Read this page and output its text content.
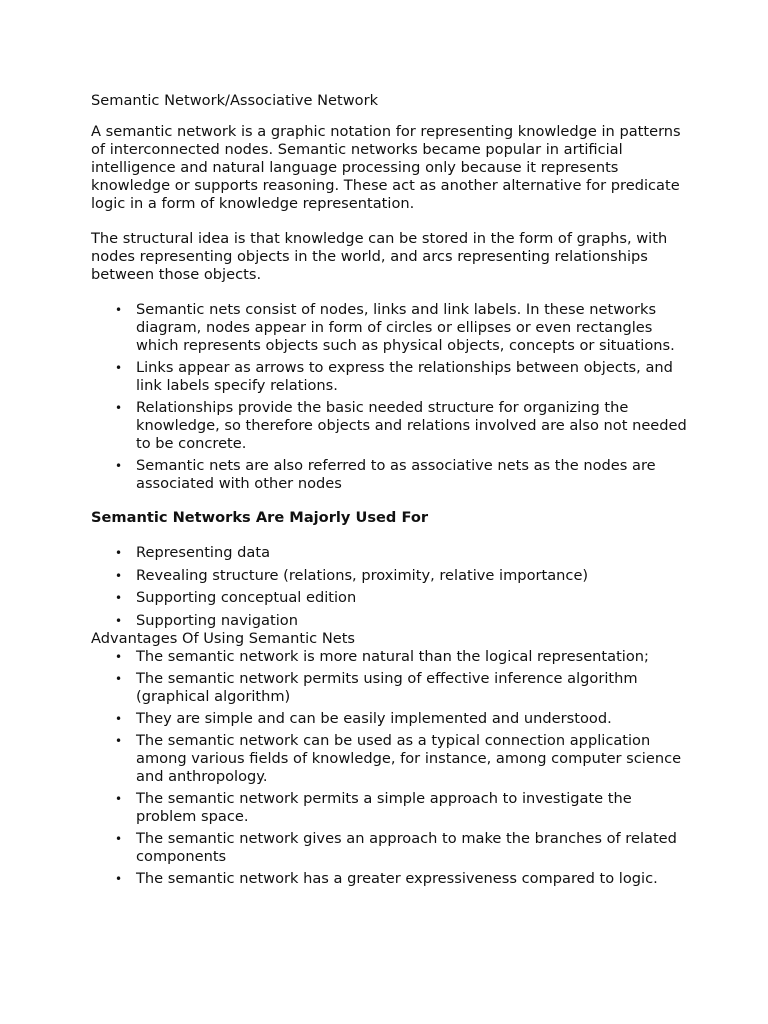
Semantic Network/Associative Network

A semantic network is a graphic notation for representing knowledge in patterns of interconnected nodes. Semantic networks became popular in artificial intelligence and natural language processing only because it represents knowledge or supports reasoning. These act as another alternative for predicate logic in a form of knowledge representation.

The structural idea is that knowledge can be stored in the form of graphs, with nodes representing objects in the world, and arcs representing relationships between those objects.

• Semantic nets consist of nodes, links and link labels. In these networks diagram, nodes appear in form of circles or ellipses or even rectangles which represents objects such as physical objects, concepts or situations.
• Links appear as arrows to express the relationships between objects, and link labels specify relations.
• Relationships provide the basic needed structure for organizing the knowledge, so therefore objects and relations involved are also not needed to be concrete.
• Semantic nets are also referred to as associative nets as the nodes are associated with other nodes
Semantic Networks Are Majorly Used For
• Representing data
• Revealing structure (relations, proximity, relative importance)
• Supporting conceptual edition
• Supporting navigation

Advantages Of Using Semantic Nets

• The semantic network is more natural than the logical representation;
• The semantic network permits using of effective inference algorithm (graphical algorithm)
• They are simple and can be easily implemented and understood.
• The semantic network can be used as a typical connection application among various fields of knowledge, for instance, among computer science and anthropology.
• The semantic network permits a simple approach to investigate the problem space.
• The semantic network gives an approach to make the branches of related components
• The semantic network has a greater expressiveness compared to logic.
